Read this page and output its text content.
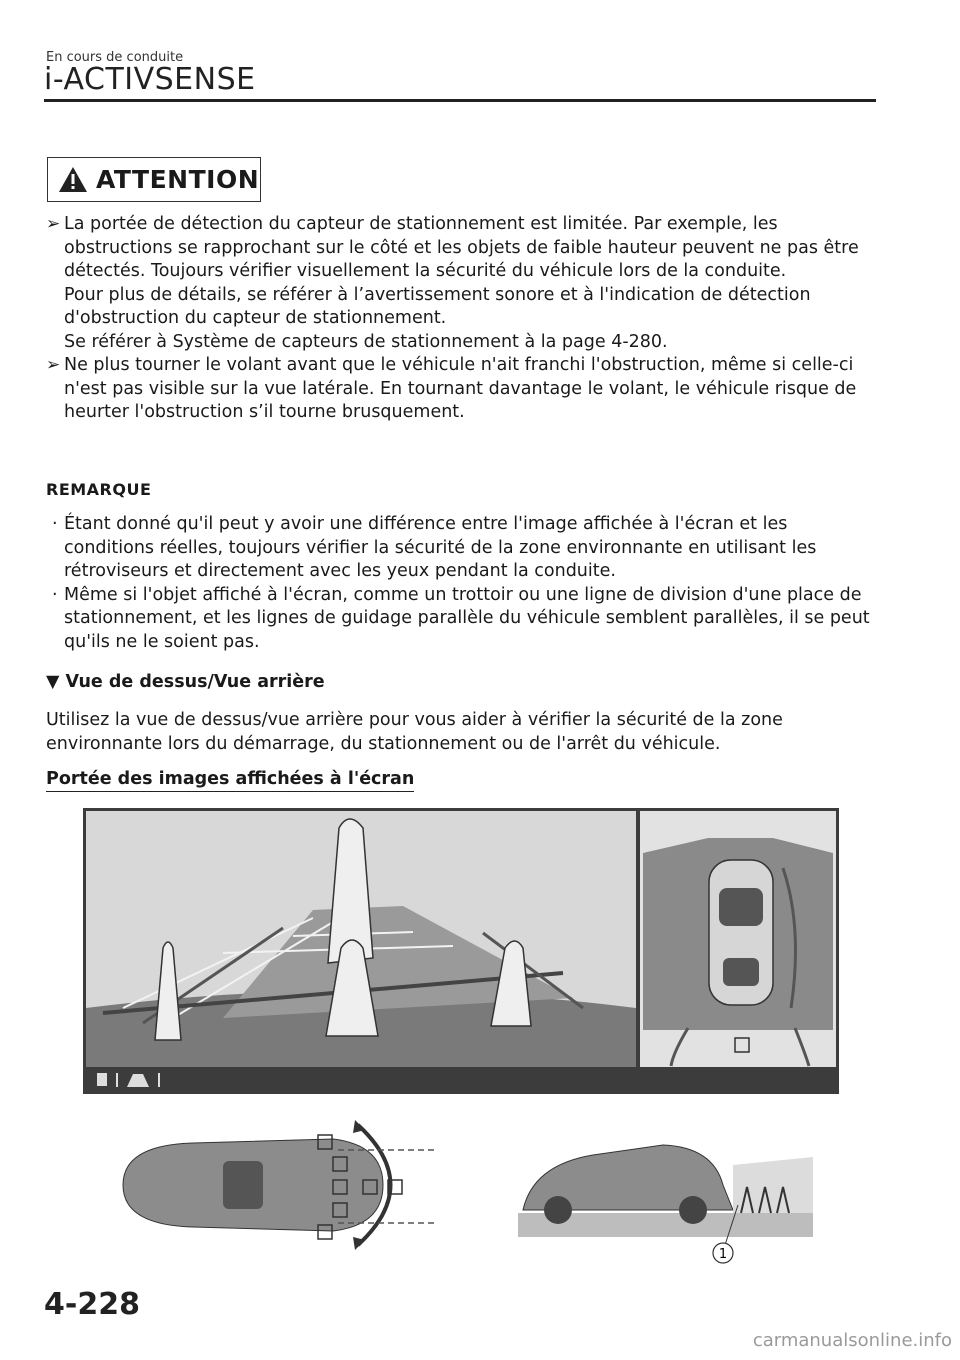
En cours de conduite
i-ACTIVSENSE
ATTENTION
➢ La portée de détection du capteur de stationnement est limitée. Par exemple, les obstructions se rapprochant sur le côté et les objets de faible hauteur peuvent ne pas être détectés. Toujours vérifier visuellement la sécurité du véhicule lors de la conduite.
Pour plus de détails, se référer à l’avertissement sonore et à l'indication de détection d'obstruction du capteur de stationnement.
Se référer à Système de capteurs de stationnement à la page 4-280.
➢ Ne plus tourner le volant avant que le véhicule n'ait franchi l'obstruction, même si celle-ci n'est pas visible sur la vue latérale. En tournant davantage le volant, le véhicule risque de heurter l'obstruction s’il tourne brusquement.
REMARQUE
· Étant donné qu'il peut y avoir une différence entre l'image affichée à l'écran et les conditions réelles, toujours vérifier la sécurité de la zone environnante en utilisant les rétroviseurs et directement avec les yeux pendant la conduite.
· Même si l'objet affiché à l'écran, comme un trottoir ou une ligne de division d'une place de stationnement, et les lignes de guidage parallèle du véhicule semblent parallèles, il se peut qu'ils ne le soient pas.
▼ Vue de dessus/Vue arrière
Utilisez la vue de dessus/vue arrière pour vous aider à vérifier la sécurité de la zone environnante lors du démarrage, du stationnement ou de l'arrêt du véhicule.
Portée des images affichées à l'écran
1
4-228
carmanualsonline.info
